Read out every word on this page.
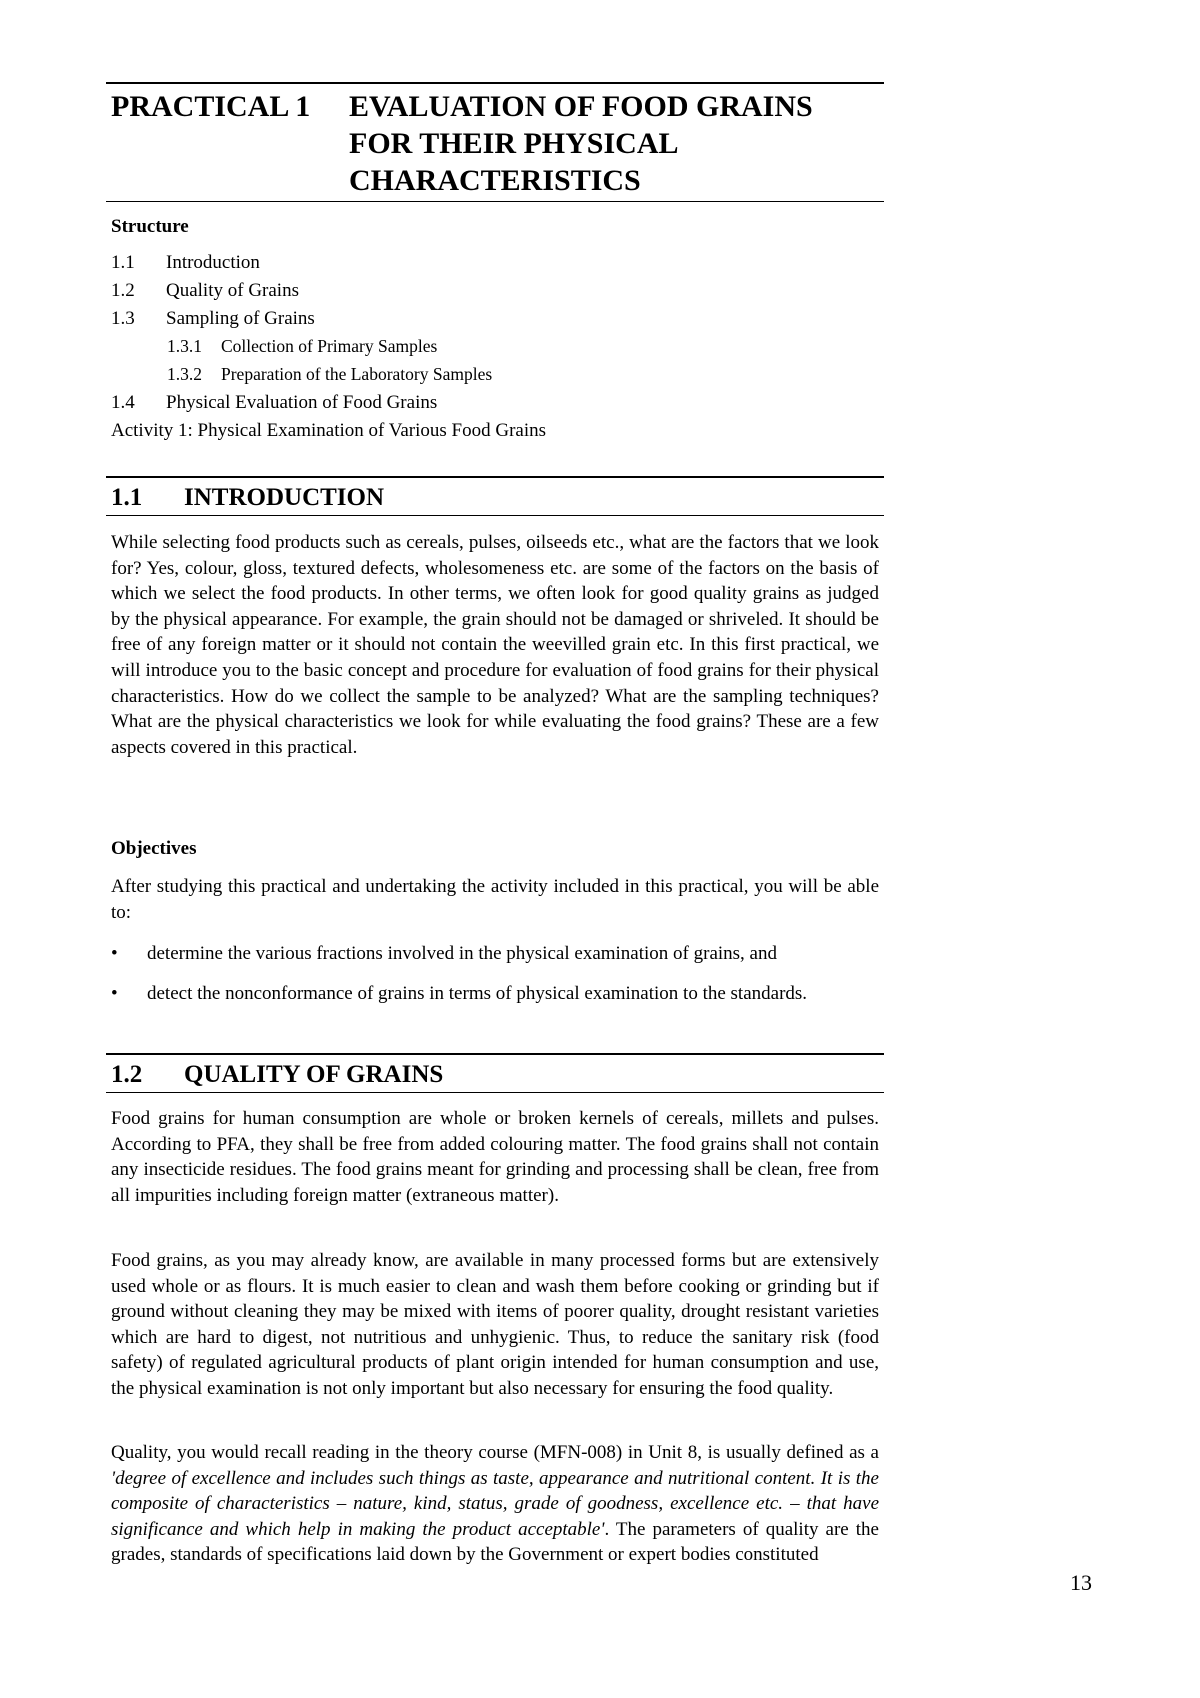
PRACTICAL 1 EVALUATION OF FOOD GRAINS FOR THEIR PHYSICAL CHARACTERISTICS
Structure
1.1 Introduction
1.2 Quality of Grains
1.3 Sampling of Grains
1.3.1 Collection of Primary Samples
1.3.2 Preparation of the Laboratory Samples
1.4 Physical Evaluation of Food Grains
Activity 1: Physical Examination of Various Food Grains
1.1 INTRODUCTION
While selecting food products such as cereals, pulses, oilseeds etc., what are the factors that we look for? Yes, colour, gloss, textured defects, wholesomeness etc. are some of the factors on the basis of which we select the food products. In other terms, we often look for good quality grains as judged by the physical appearance. For example, the grain should not be damaged or shriveled. It should be free of any foreign matter or it should not contain the weevilled grain etc. In this first practical, we will introduce you to the basic concept and procedure for evaluation of food grains for their physical characteristics. How do we collect the sample to be analyzed? What are the sampling techniques? What are the physical characteristics we look for while evaluating the food grains? These are a few aspects covered in this practical.
Objectives
After studying this practical and undertaking the activity included in this practical, you will be able to:
• determine the various fractions involved in the physical examination of grains, and
• detect the nonconformance of grains in terms of physical examination to the standards.
1.2 QUALITY OF GRAINS
Food grains for human consumption are whole or broken kernels of cereals, millets and pulses. According to PFA, they shall be free from added colouring matter. The food grains shall not contain any insecticide residues. The food grains meant for grinding and processing shall be clean, free from all impurities including foreign matter (extraneous matter).
Food grains, as you may already know, are available in many processed forms but are extensively used whole or as flours. It is much easier to clean and wash them before cooking or grinding but if ground without cleaning they may be mixed with items of poorer quality, drought resistant varieties which are hard to digest, not nutritious and unhygienic. Thus, to reduce the sanitary risk (food safety) of regulated agricultural products of plant origin intended for human consumption and use, the physical examination is not only important but also necessary for ensuring the food quality.
Quality, you would recall reading in the theory course (MFN-008) in Unit 8, is usually defined as a 'degree of excellence and includes such things as taste, appearance and nutritional content. It is the composite of characteristics – nature, kind, status, grade of goodness, excellence etc. – that have significance and which help in making the product acceptable'. The parameters of quality are the grades, standards of specifications laid down by the Government or expert bodies constituted
13
